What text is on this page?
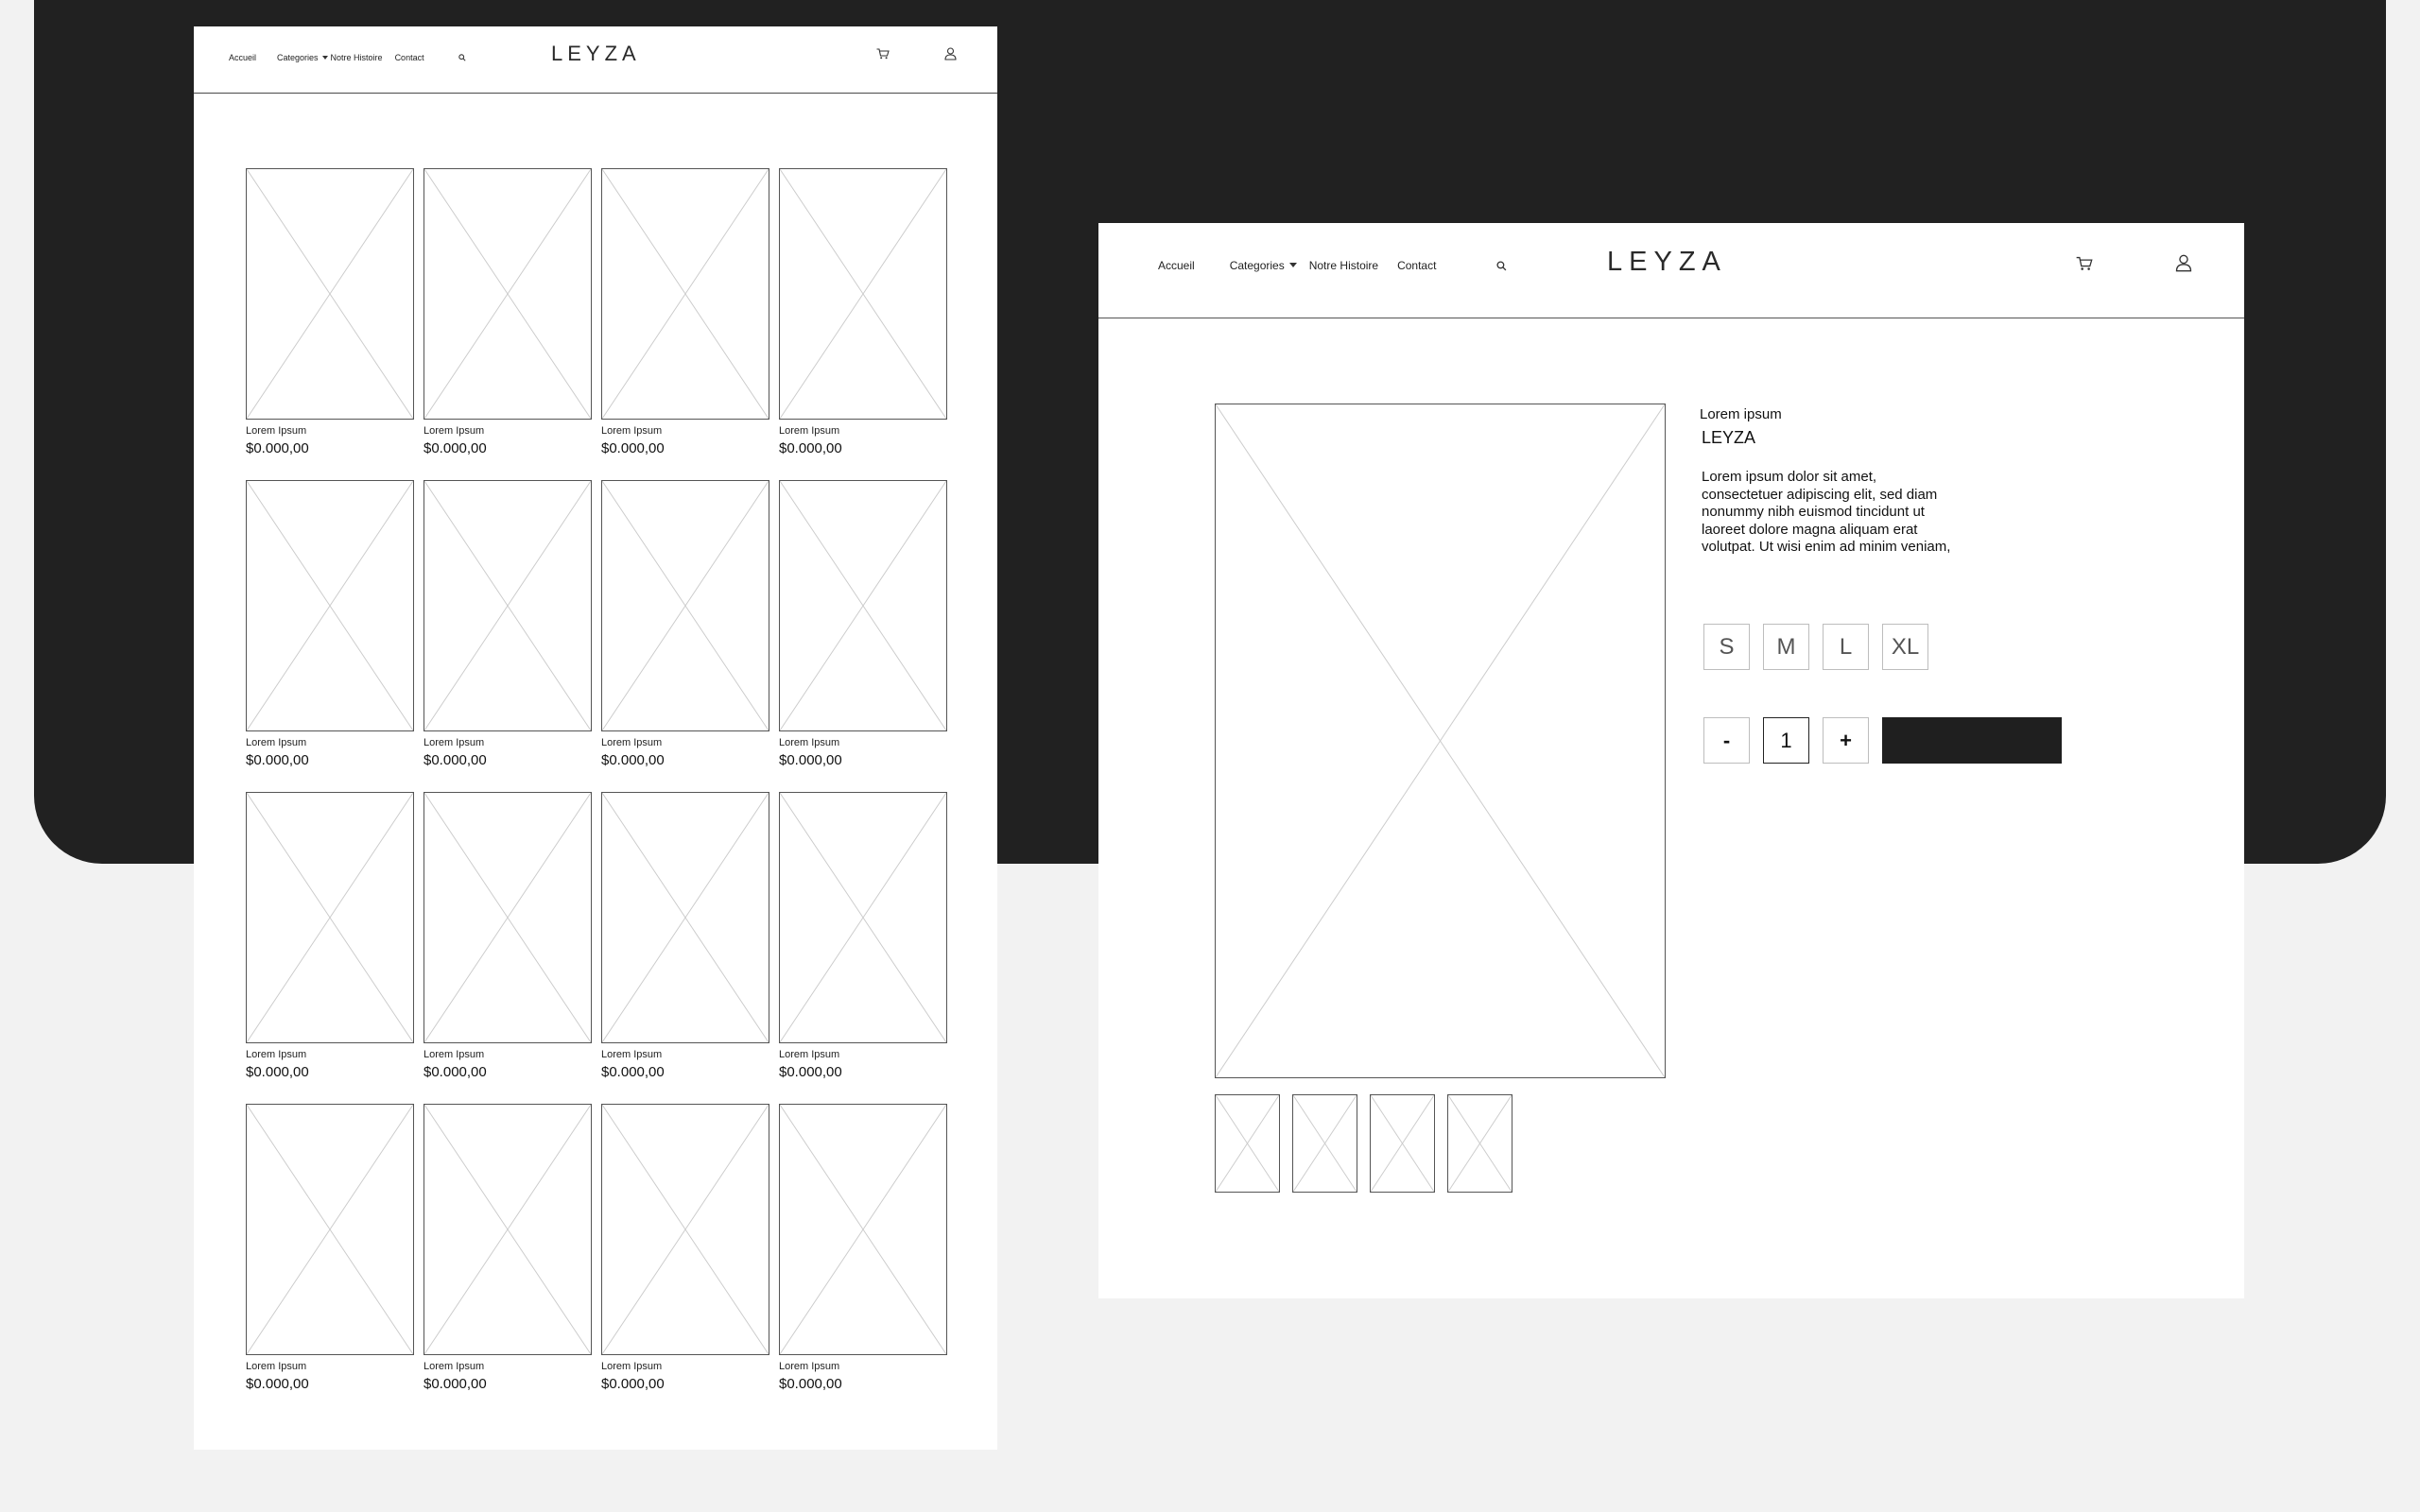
Accueil Categories Notre Histoire Contact	LEYZA
Lorem Ipsum
$0.000,00
Lorem Ipsum
$0.000,00
Lorem Ipsum
$0.000,00
Lorem Ipsum
$0.000,00
Lorem Ipsum
$0.000,00
Lorem Ipsum
$0.000,00
Lorem Ipsum
$0.000,00
Lorem Ipsum
$0.000,00
Lorem Ipsum
$0.000,00
Lorem Ipsum
$0.000,00
Lorem Ipsum
$0.000,00
Lorem Ipsum
$0.000,00
Lorem Ipsum
$0.000,00
Lorem Ipsum
$0.000,00
Lorem Ipsum
$0.000,00
Lorem Ipsum
$0.000,00
Accueil	Categories Notre Histoire Contact	LEYZA
Lorem ipsum
LEYZA
Lorem ipsum dolor sit amet, consectetuer adipiscing elit, sed diam nonummy nibh euismod tincidunt ut laoreet dolore magna aliquam erat volutpat. Ut wisi enim ad minim veniam,
S	M	L	XL
-	1	+
